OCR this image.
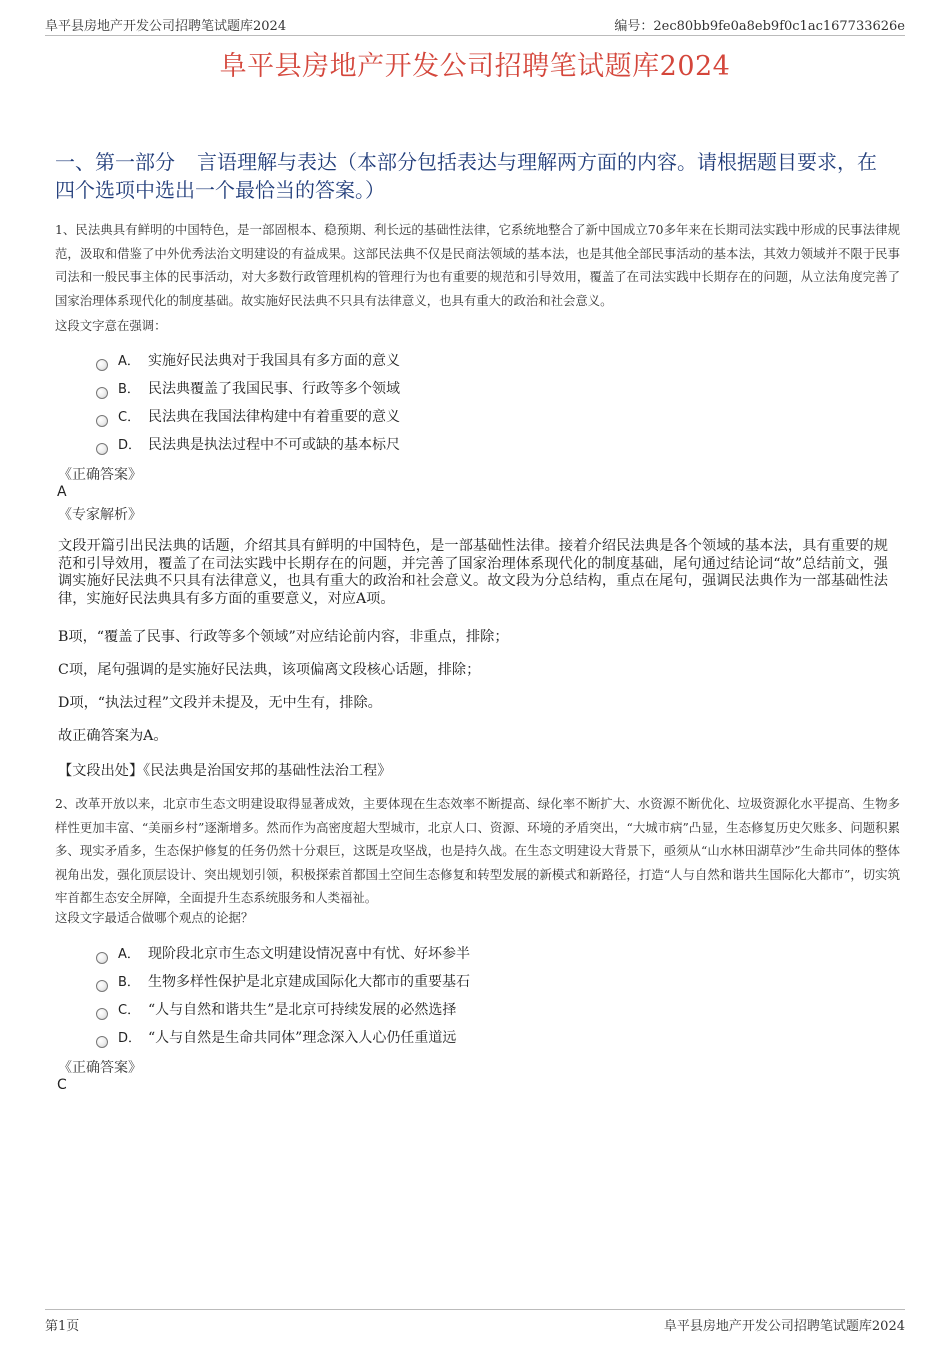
阜平县房地产开发公司招聘笔试题库2024	编号：2ec80bb9fe0a8eb9f0c1ac167733626e
阜平县房地产开发公司招聘笔试题库2024
一、第一部分 言语理解与表达（本部分包括表达与理解两方面的内容。请根据题目要求，在四个选项中选出一个最恰当的答案。）
1、民法典具有鲜明的中国特色，是一部固根本、稳预期、利长远的基础性法律，它系统地整合了新中国成立70多年来在长期司法实践中形成的民事法律规范，汲取和借鉴了中外优秀法治文明建设的有益成果。这部民法典不仅是民商法领域的基本法，也是其他全部民事活动的基本法，其效力领域并不限于民事司法和一般民事主体的民事活动，对大多数行政管理机构的管理行为也有重要的规范和引导效用，覆盖了在司法实践中长期存在的问题，从立法角度完善了国家治理体系现代化的制度基础。故实施好民法典不只具有法律意义，也具有重大的政治和社会意义。
这段文字意在强调：
A． 实施好民法典对于我国具有多方面的意义
B． 民法典覆盖了我国民事、行政等多个领域
C． 民法典在我国法律构建中有着重要的意义
D． 民法典是执法过程中不可或缺的基本标尺
《正确答案》
A
《专家解析》
文段开篇引出民法典的话题，介绍其具有鲜明的中国特色，是一部基础性法律。接着介绍民法典是各个领域的基本法，具有重要的规范和引导效用，覆盖了在司法实践中长期存在的问题，并完善了国家治理体系现代化的制度基础，尾句通过结论词“故”总结前文，强调实施好民法典不只具有法律意义，也具有重大的政治和社会意义。故文段为分总结构，重点在尾句，强调民法典作为一部基础性法律，实施好民法典具有多方面的重要意义，对应A项。
B项，“覆盖了民事、行政等多个领域”对应结论前内容，非重点，排除；
C项，尾句强调的是实施好民法典，该项偏离文段核心话题，排除；
D项，“执法过程”文段并未提及，无中生有，排除。
故正确答案为A。
【文段出处】《民法典是治国安邦的基础性法治工程》
2、改革开放以来，北京市生态文明建设取得显著成效，主要体现在生态效率不断提高、绿化率不断扩大、水资源不断优化、垃圾资源化水平提高、生物多样性更加丰富、“美丽乡村”逐渐增多。然而作为高密度超大型城市，北京人口、资源、环境的矛盾突出，“大城市病”凸显，生态修复历史欠账多、问题积累多、现实矛盾多，生态保护修复的任务仍然十分艰巨，这既是攻坚战，也是持久战。在生态文明建设大背景下，亟须从“山水林田湖草沙”生命共同体的整体视角出发，强化顶层设计、突出规划引领，积极探索首都国土空间生态修复和转型发展的新模式和新路径，打造“人与自然和谐共生国际化大都市”，切实筑牢首都生态安全屏障，全面提升生态系统服务和人类福祉。
这段文字最适合做哪个观点的论据？
A． 现阶段北京市生态文明建设情况喜中有忧、好坏参半
B． 生物多样性保护是北京建成国际化大都市的重要基石
C． “人与自然和谐共生”是北京可持续发展的必然选择
D． “人与自然是生命共同体”理念深入人心仍任重道远
《正确答案》
C
第1页	阜平县房地产开发公司招聘笔试题库2024
